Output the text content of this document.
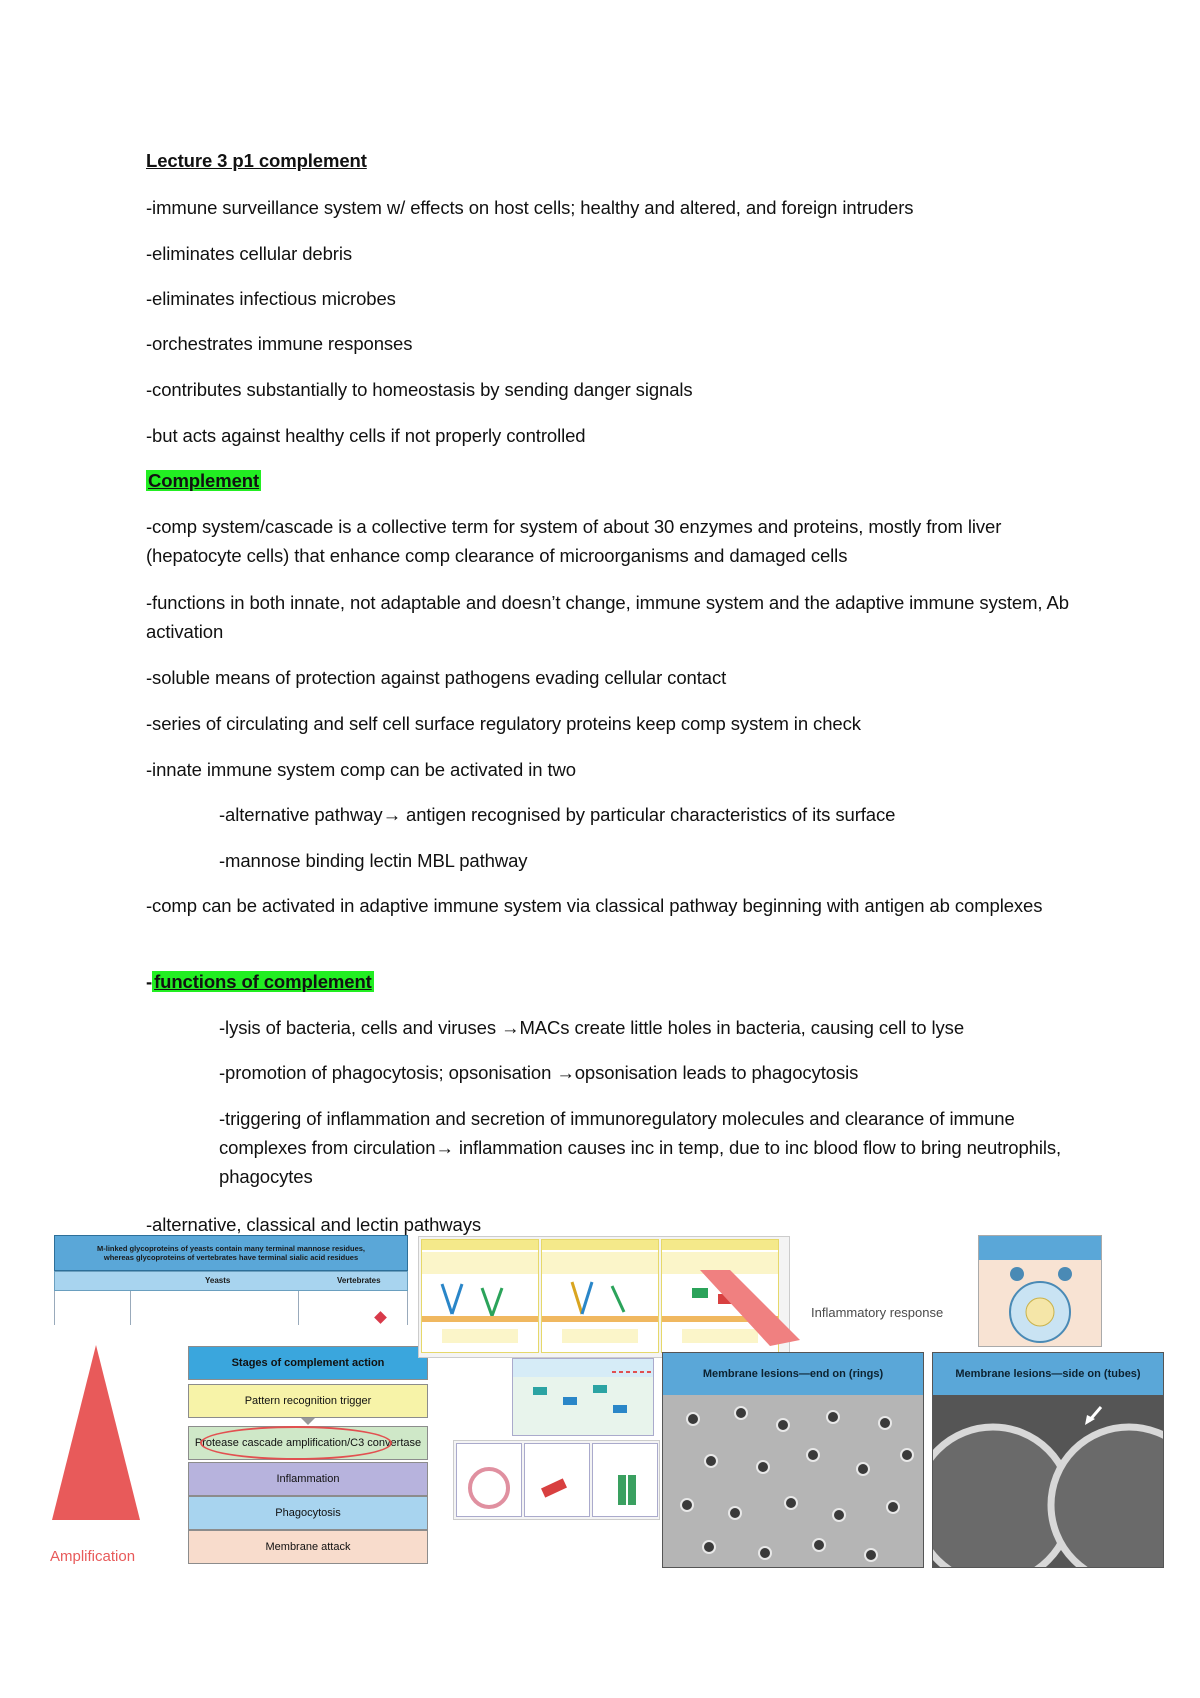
Lecture 3 p1 complement
-immune surveillance system w/ effects on host cells; healthy and altered, and foreign intruders
-eliminates cellular debris
-eliminates infectious microbes
-orchestrates immune responses
-contributes substantially to homeostasis by sending danger signals
-but acts against healthy cells if not properly controlled
Complement
-comp system/cascade is a collective term for system of about 30 enzymes and proteins, mostly from liver (hepatocyte cells) that enhance comp clearance of microorganisms and damaged cells
-functions in both innate, not adaptable and doesn’t change, immune system and the adaptive immune system, Ab activation
-soluble means of protection against pathogens evading cellular contact
-series of circulating and self cell surface regulatory proteins keep comp system in check
-innate immune system comp can be activated in two
-alternative pathway→ antigen recognised by particular characteristics of its surface
-mannose binding lectin MBL pathway
-comp can be activated in adaptive immune system via classical pathway beginning with antigen ab complexes
- functions of complement
-lysis of bacteria, cells and viruses →MACs create little holes in bacteria, causing cell to lyse
-promotion of phagocytosis; opsonisation →opsonisation leads to phagocytosis
-triggering of inflammation and secretion of immunoregulatory molecules and clearance of immune complexes from circulation→ inflammation causes inc in temp, due to inc blood flow to bring neutrophils, phagocytes
-alternative, classical and lectin pathways
M-linked glycoproteins of yeasts contain many terminal mannose residues, whereas glycoproteins of vertebrates have terminal sialic acid residues
Yeasts	Vertebrates
Amplification
Stages of complement action
Pattern recognition trigger
Protease cascade amplification/C3 convertase
Inflammation
Phagocytosis
Membrane attack
Inflammatory response
Membrane lesions—end on (rings)	Membrane lesions—side on (tubes)
